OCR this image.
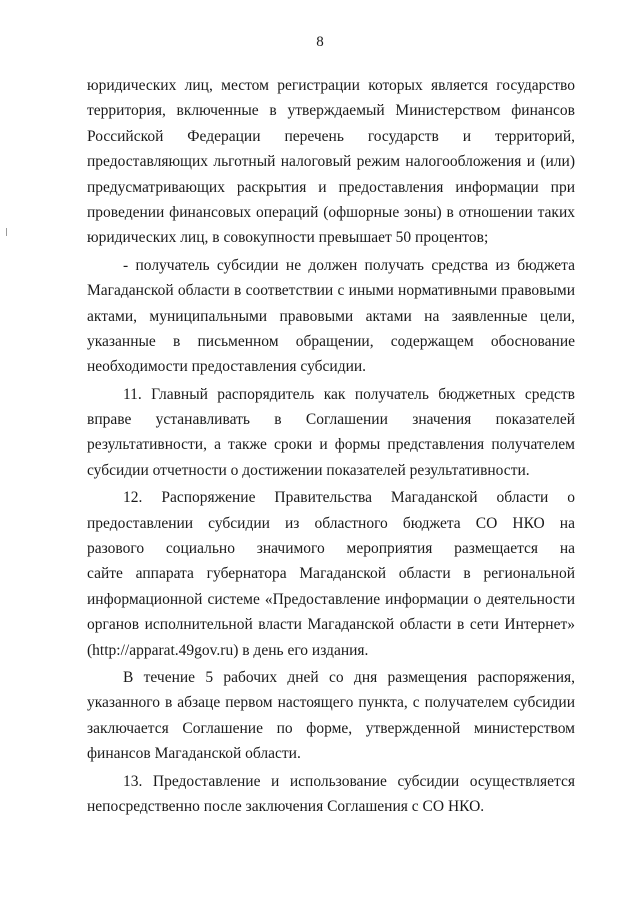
8
юридических лиц, местом регистрации которых является государство
территория, включенные в утверждаемый Министерством финансов
Российской Федерации перечень государств и территорий,
предоставляющих льготный налоговый режим налогообложения и (или)
предусматривающих раскрытия и предоставления информации при
проведении финансовых операций (офшорные зоны) в отношении таких
юридических лиц, в совокупности превышает 50 процентов;
- получатель субсидии не должен получать средства из бюджета
Магаданской области в соответствии с иными нормативными правовыми
актами, муниципальными правовыми актами на заявленные цели,
указанные в письменном обращении, содержащем обоснование
необходимости предоставления субсидии.
11. Главный распорядитель как получатель бюджетных средств
вправе устанавливать в Соглашении значения показателей
результативности, а также сроки и формы представления получателем
субсидии отчетности о достижении показателей результативности.
12. Распоряжение Правительства Магаданской области о
предоставлении субсидии из областного бюджета СО НКО на
разового социально значимого мероприятия размещается на
сайте аппарата губернатора Магаданской области в региональной
информационной системе «Предоставление информации о деятельности
органов исполнительной власти Магаданской области в сети Интернет»
(http://apparat.49gov.ru) в день его издания.
В течение 5 рабочих дней со дня размещения распоряжения,
указанного в абзаце первом настоящего пункта, с получателем субсидии
заключается Соглашение по форме, утвержденной министерством
финансов Магаданской области.
13. Предоставление и использование субсидии осуществляется
непосредственно после заключения Соглашения с СО НКО.
